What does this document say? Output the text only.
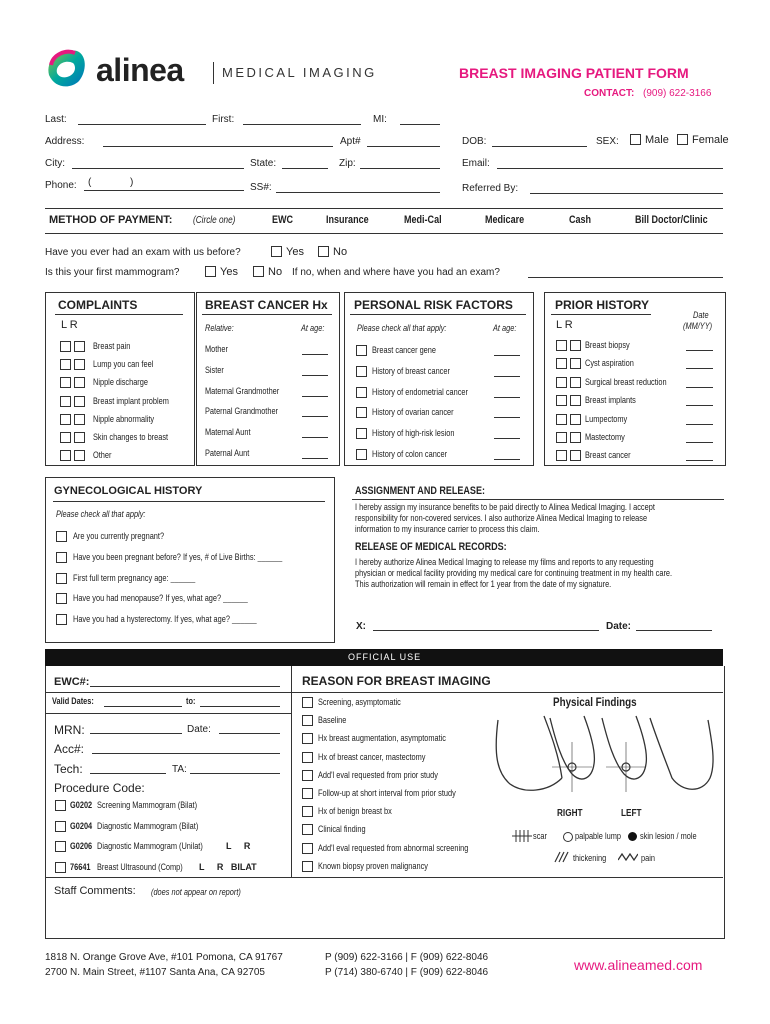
alinea	MEDICAL IMAGING	BREAST IMAGING PATIENT FORM
CONTACT: (909) 622-3166
Last:	First:	MI:
Address:	Apt#
City:	State:	Zip:
Phone: (	)	SS#:
DOB:	SEX: Male Female
Email:
Referred By:
METHOD OF PAYMENT: (Circle one)	EWC	Insurance	Medi-Cal	Medicare	Cash	Bill Doctor/Clinic
Have you ever had an exam with us before?	Yes	No
Is this your first mammogram?	Yes	No If no, when and where have you had an exam?
COMPLAINTS
L R
Breast pain
Lump you can feel
Nipple discharge
Breast implant problem
Nipple abnormality
Skin changes to breast
Other
BREAST CANCER Hx
Relative:	At age:
Mother
Sister
Maternal Grandmother
Paternal Grandmother
Maternal Aunt
Paternal Aunt
PERSONAL RISK FACTORS
Please check all that apply:	At age:
Breast cancer gene
History of breast cancer
History of endometrial cancer
History of ovarian cancer
History of high-risk lesion
History of colon cancer
PRIOR HISTORY
Date
(MM/YY)
L R
Breast biopsy
Cyst aspiration
Surgical breast reduction
Breast implants
Lumpectomy
Mastectomy
Breast cancer
GYNECOLOGICAL HISTORY
Please check all that apply:
Are you currently pregnant?
Have you been pregnant before? If yes, # of Live Births: ______
First full term pregnancy age: ______
Have you had menopause? If yes, what age? ______
Have you had a hysterectomy. If yes, what age? ______
ASSIGNMENT AND RELEASE:
I hereby assign my insurance benefits to be paid directly to Alinea Medical Imaging. I accept
responsibility for non-covered services. I also authorize Alinea Medical Imaging to release
information to my insurance carrier to process this claim.
RELEASE OF MEDICAL RECORDS:
I hereby authorize Alinea Medical Imaging to release my films and reports to any requesting
physician or medical facility providing my medical care for continuing treatment in my health care.
This authorization will remain in effect for 1 year from the date of my signature.
X:	Date:
OFFICIAL USE
EWC#:
Valid Dates:	to:
MRN:	Date:
Acc#:
Tech:	TA:
Procedure Code:
G0202 Screening Mammogram (Bilat)
G0204 Diagnostic Mammogram (Bilat)
G0206 Diagnostic Mammogram (Unilat)	L     R
76641 Breast Ultrasound (Comp) L     R   BILAT
Staff Comments: (does not appear on report)
REASON FOR BREAST IMAGING
Screening, asymptomatic
Baseline
Hx breast augmentation, asymptomatic
Hx of breast cancer, mastectomy
Add'l eval requested from prior study
Follow-up at short interval from prior study
Hx of benign breast bx
Clinical finding
Add'l eval requested from abnormal screening
Known biopsy proven malignancy
Physical Findings
RIGHT	LEFT
scar	palpable lump skin lesion / mole
thickening	pain
1818 N. Orange Grove Ave, #101 Pomona, CA 91767
2700 N. Main Street, #1107 Santa Ana, CA 92705
P (909) 622-3166 | F (909) 622-8046
P (714) 380-6740 | F (909) 622-8046	www.alineamed.com
